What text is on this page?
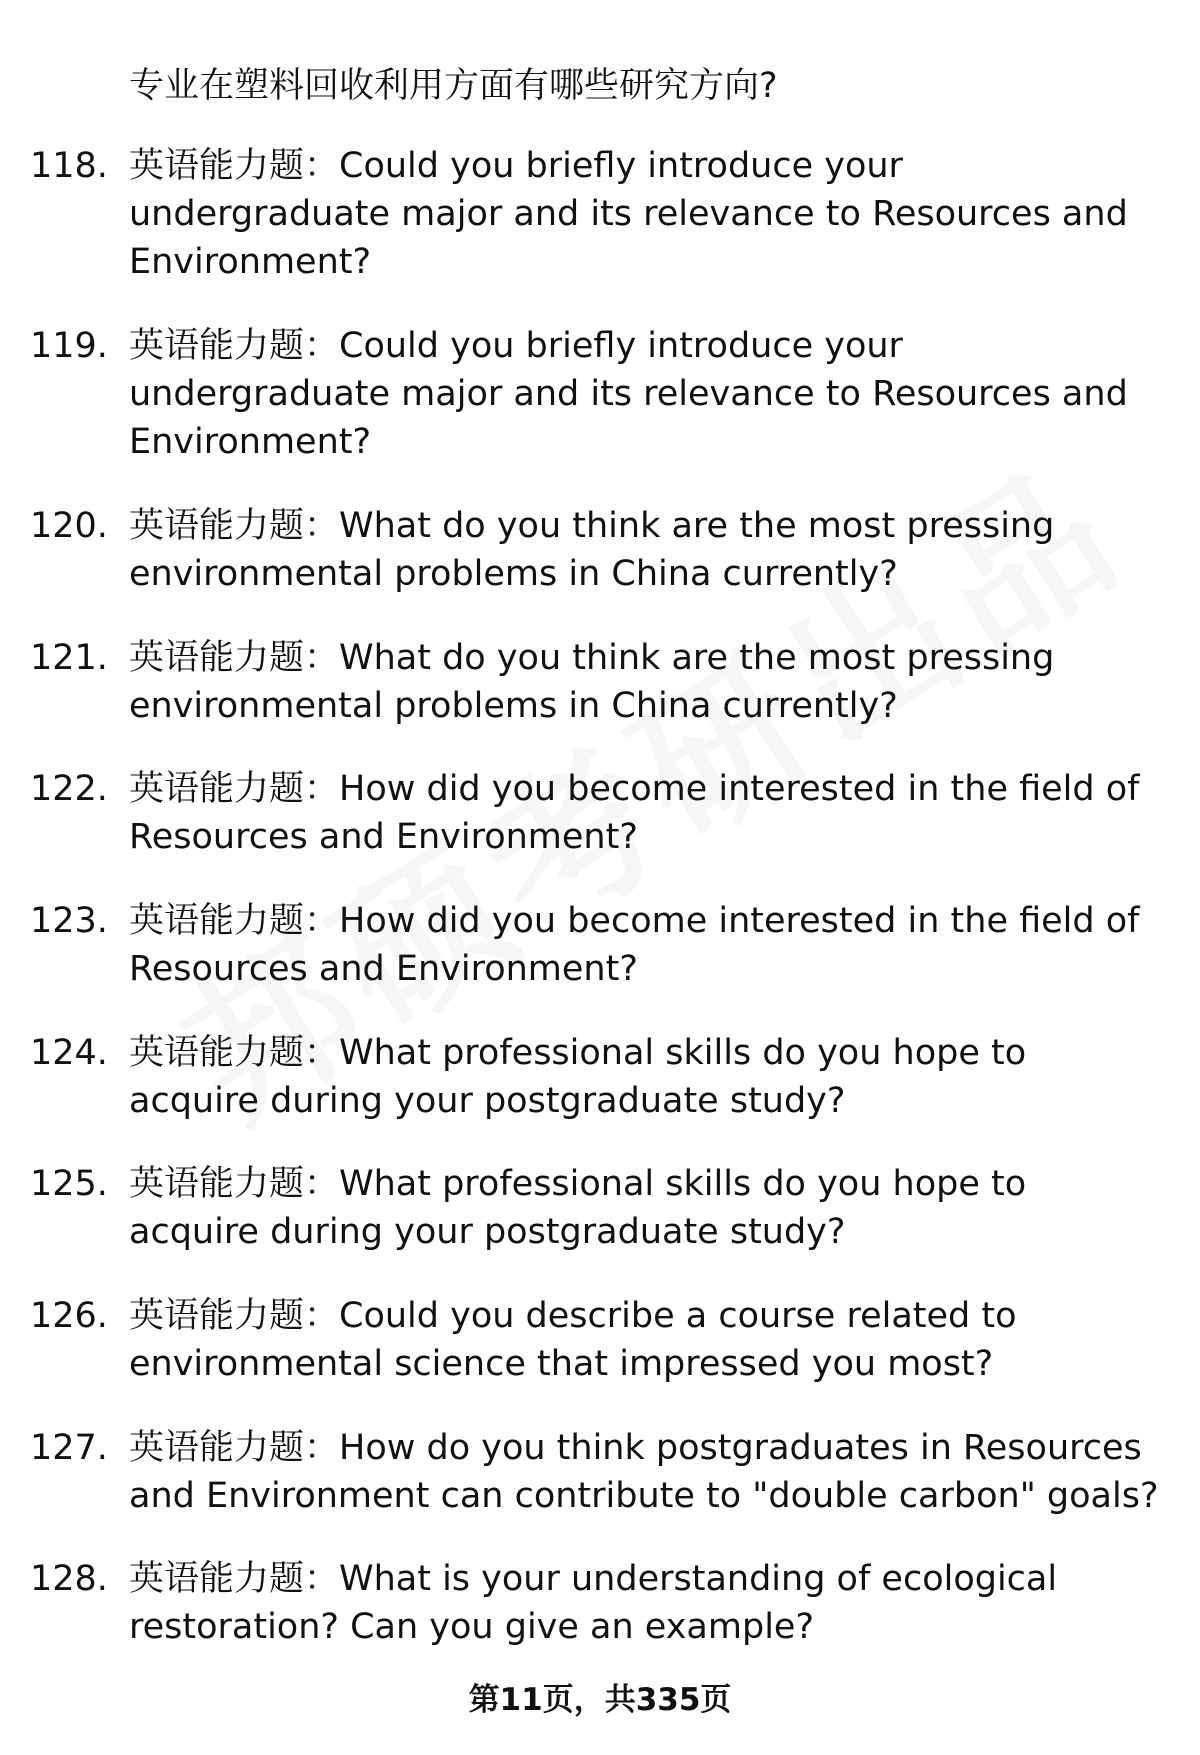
专业在塑料回收利用方面有哪些研究方向?
118. 英语能力题：Could you briefly introduce your
undergraduate major and its relevance to Resources and
Environment?
119. 英语能力题：Could you briefly introduce your
undergraduate major and its relevance to Resources and
Environment?
120. 英语能力题：What do you think are the most pressing
environmental problems in China currently?
121. 英语能力题：What do you think are the most pressing
environmental problems in China currently?
122. 英语能力题：How did you become interested in the field of
Resources and Environment?
123. 英语能力题：How did you become interested in the field of
Resources and Environment?
124. 英语能力题：What professional skills do you hope to
acquire during your postgraduate study?
125. 英语能力题：What professional skills do you hope to
acquire during your postgraduate study?
126. 英语能力题：Could you describe a course related to
environmental science that impressed you most?
127. 英语能力题：How do you think postgraduates in Resources
and Environment can contribute to "double carbon" goals?
128. 英语能力题：What is your understanding of ecological
restoration? Can you give an example?
第11页，共335页
